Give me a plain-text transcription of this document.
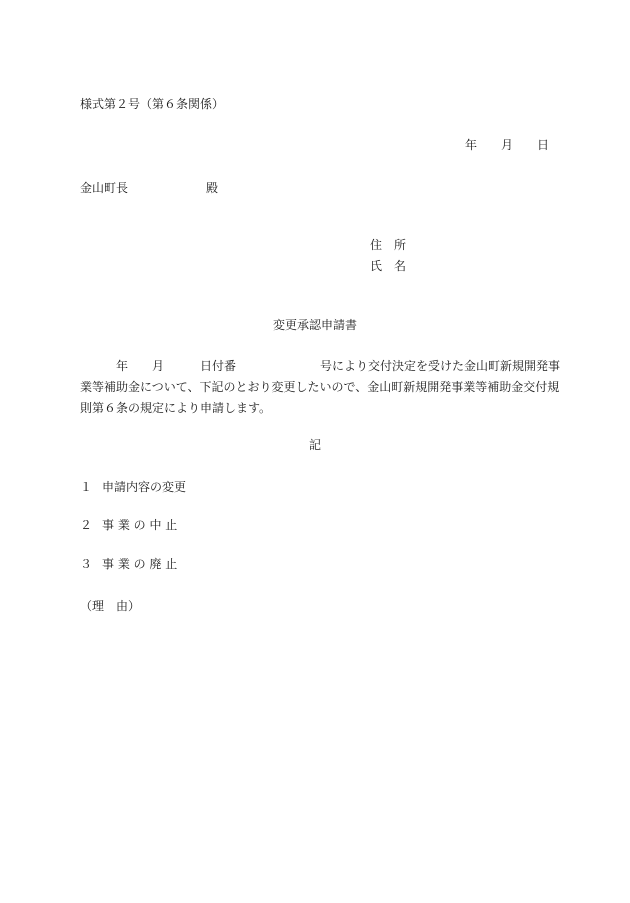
様式第２号（第６条関係）
年 月 日
金山町長	殿
住　所
氏　名
変更承認申請書
年 月	日付番	号により交付決定を受けた金山町新規開発事
業等補助金について、下記のとおり変更したいので、金山町新規開発事業等補助金交付規
則第６条の規定により申請します。
記
１ 申請内容の変更
２ 事 業 の 中 止
３ 事 業 の 廃 止
（理　由）
